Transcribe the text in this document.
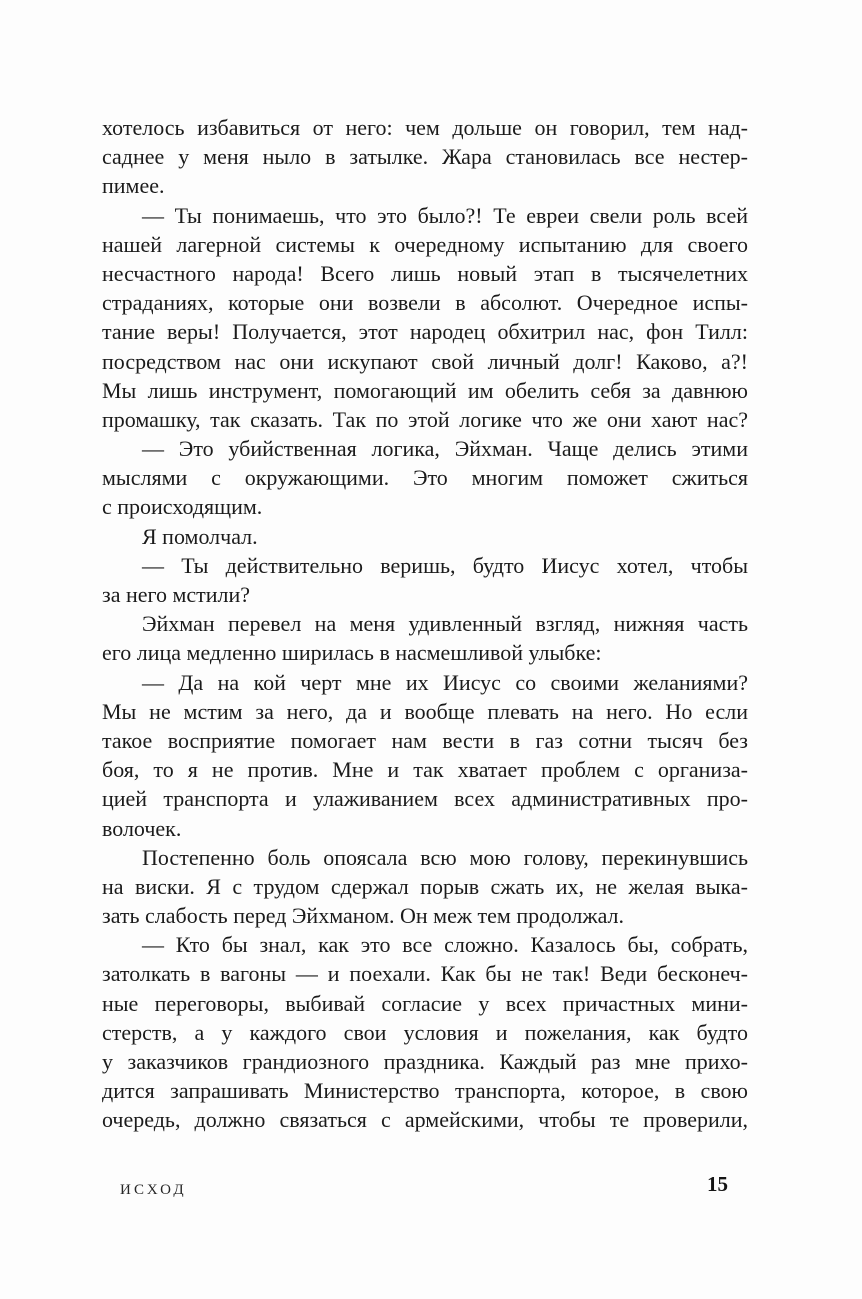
хотелось избавиться от него: чем дольше он говорил, тем над-
саднее у меня ныло в затылке. Жара становилась все нестер-
пимее.
— Ты понимаешь, что это было?! Те евреи свели роль всей
нашей лагерной системы к очередному испытанию для своего
несчастного народа! Всего лишь новый этап в тысячелетних
страданиях, которые они возвели в абсолют. Очередное испы-
тание веры! Получается, этот народец обхитрил нас, фон Тилл:
посредством нас они искупают свой личный долг! Каково, а?!
Мы лишь инструмент, помогающий им обелить себя за давнюю
промашку, так сказать. Так по этой логике что же они хают нас?
— Это убийственная логика, Эйхман. Чаще делись этими
мыслями с окружающими. Это многим поможет сжиться
с происходящим.
Я помолчал.
— Ты действительно веришь, будто Иисус хотел, чтобы
за него мстили?
Эйхман перевел на меня удивленный взгляд, нижняя часть
его лица медленно ширилась в насмешливой улыбке:
— Да на кой черт мне их Иисус со своими желаниями?
Мы не мстим за него, да и вообще плевать на него. Но если
такое восприятие помогает нам вести в газ сотни тысяч без
боя, то я не против. Мне и так хватает проблем с организа-
цией транспорта и улаживанием всех административных про-
волочек.
Постепенно боль опоясала всю мою голову, перекинувшись
на виски. Я с трудом сдержал порыв сжать их, не желая выка-
зать слабость перед Эйхманом. Он меж тем продолжал.
— Кто бы знал, как это все сложно. Казалось бы, собрать,
затолкать в вагоны — и поехали. Как бы не так! Веди бесконеч-
ные переговоры, выбивай согласие у всех причастных мини-
стерств, а у каждого свои условия и пожелания, как будто
у заказчиков грандиозного праздника. Каждый раз мне прихо-
дится запрашивать Министерство транспорта, которое, в свою
очередь, должно связаться с армейскими, чтобы те проверили,
ИСХОД	15
